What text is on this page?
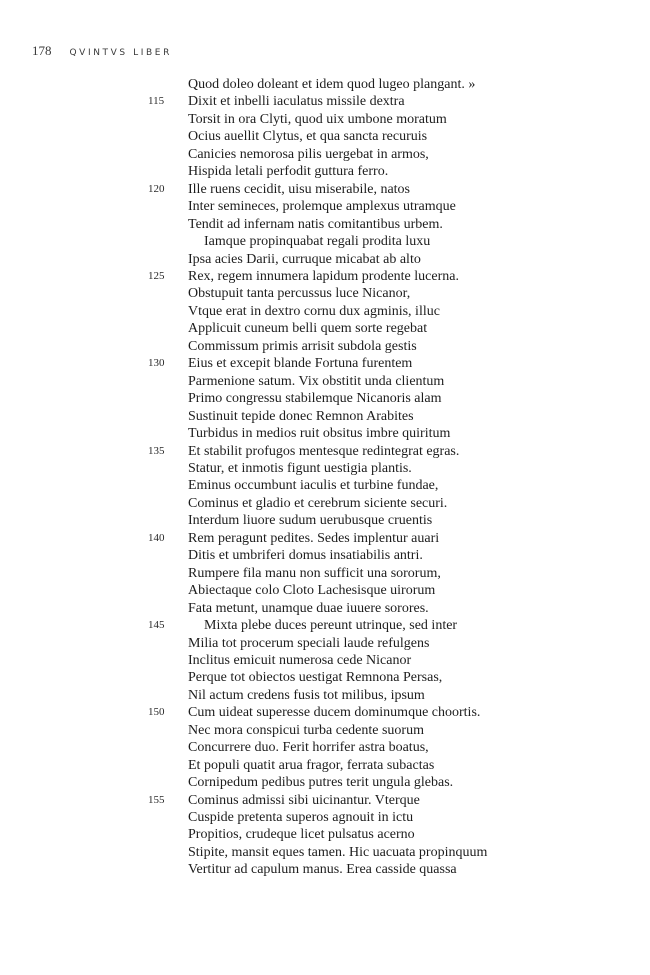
178 QVINTVS LIBER
Quod doleo doleant et idem quod lugeo plangant. »
115 Dixit et inbelli iaculatus missile dextra
Torsit in ora Clyti, quod uix umbone moratum
Ocius auellit Clytus, et qua sancta recuruis
Canicies nemorosa pilis uergebat in armos,
Hispida letali perfodit guttura ferro.
120 Ille ruens cecidit, uisu miserabile, natos
Inter semineces, prolemque amplexus utramque
Tendit ad infernam natis comitantibus urbem.
Iamque propinquabat regali prodita luxu
Ipsa acies Darii, curruque micabat ab alto
125 Rex, regem innumera lapidum prodente lucerna.
Obstupuit tanta percussus luce Nicanor,
Vtque erat in dextro cornu dux agminis, illuc
Applicuit cuneum belli quem sorte regebat
Commissum primis arrisit subdola gestis
130 Eius et excepit blande Fortuna furentem
Parmenione satum. Vix obstitit unda clientum
Primo congressu stabilemque Nicanoris alam
Sustinuit tepide donec Remnon Arabites
Turbidus in medios ruit obsitus imbre quiritum
135 Et stabilit profugos mentesque redintegrat egras.
Statur, et inmotis figunt uestigia plantis.
Eminus occumbunt iaculis et turbine fundae,
Cominus et gladio et cerebrum siciente securi.
Interdum liuore sudum uerubusque cruentis
140 Rem peragunt pedites. Sedes implentur auari
Ditis et umbriferi domus insatiabilis antri.
Rumpere fila manu non sufficit una sororum,
Abiectaque colo Cloto Lachesisque uirorum
Fata metunt, unamque duae iuuere sorores.
145	Mixta plebe duces pereunt utrinque, sed inter
Milia tot procerum speciali laude refulgens
Inclitus emicuit numerosa cede Nicanor
Perque tot obiectos uestigat Remnona Persas,
Nil actum credens fusis tot milibus, ipsum
150 Cum uideat superesse ducem dominumque choortis.
Nec mora conspicui turba cedente suorum
Concurrere duo. Ferit horrifer astra boatus,
Et populi quatit arua fragor, ferrata subactas
Cornipedum pedibus putres terit ungula glebas.
155 Cominus admissi sibi uicinantur. Vterque
Cuspide pretenta superos agnouit in ictu
Propitios, crudeque licet pulsatus acerno
Stipite, mansit eques tamen. Hic uacuata propinquum
Vertitur ad capulum manus. Erea casside quassa
